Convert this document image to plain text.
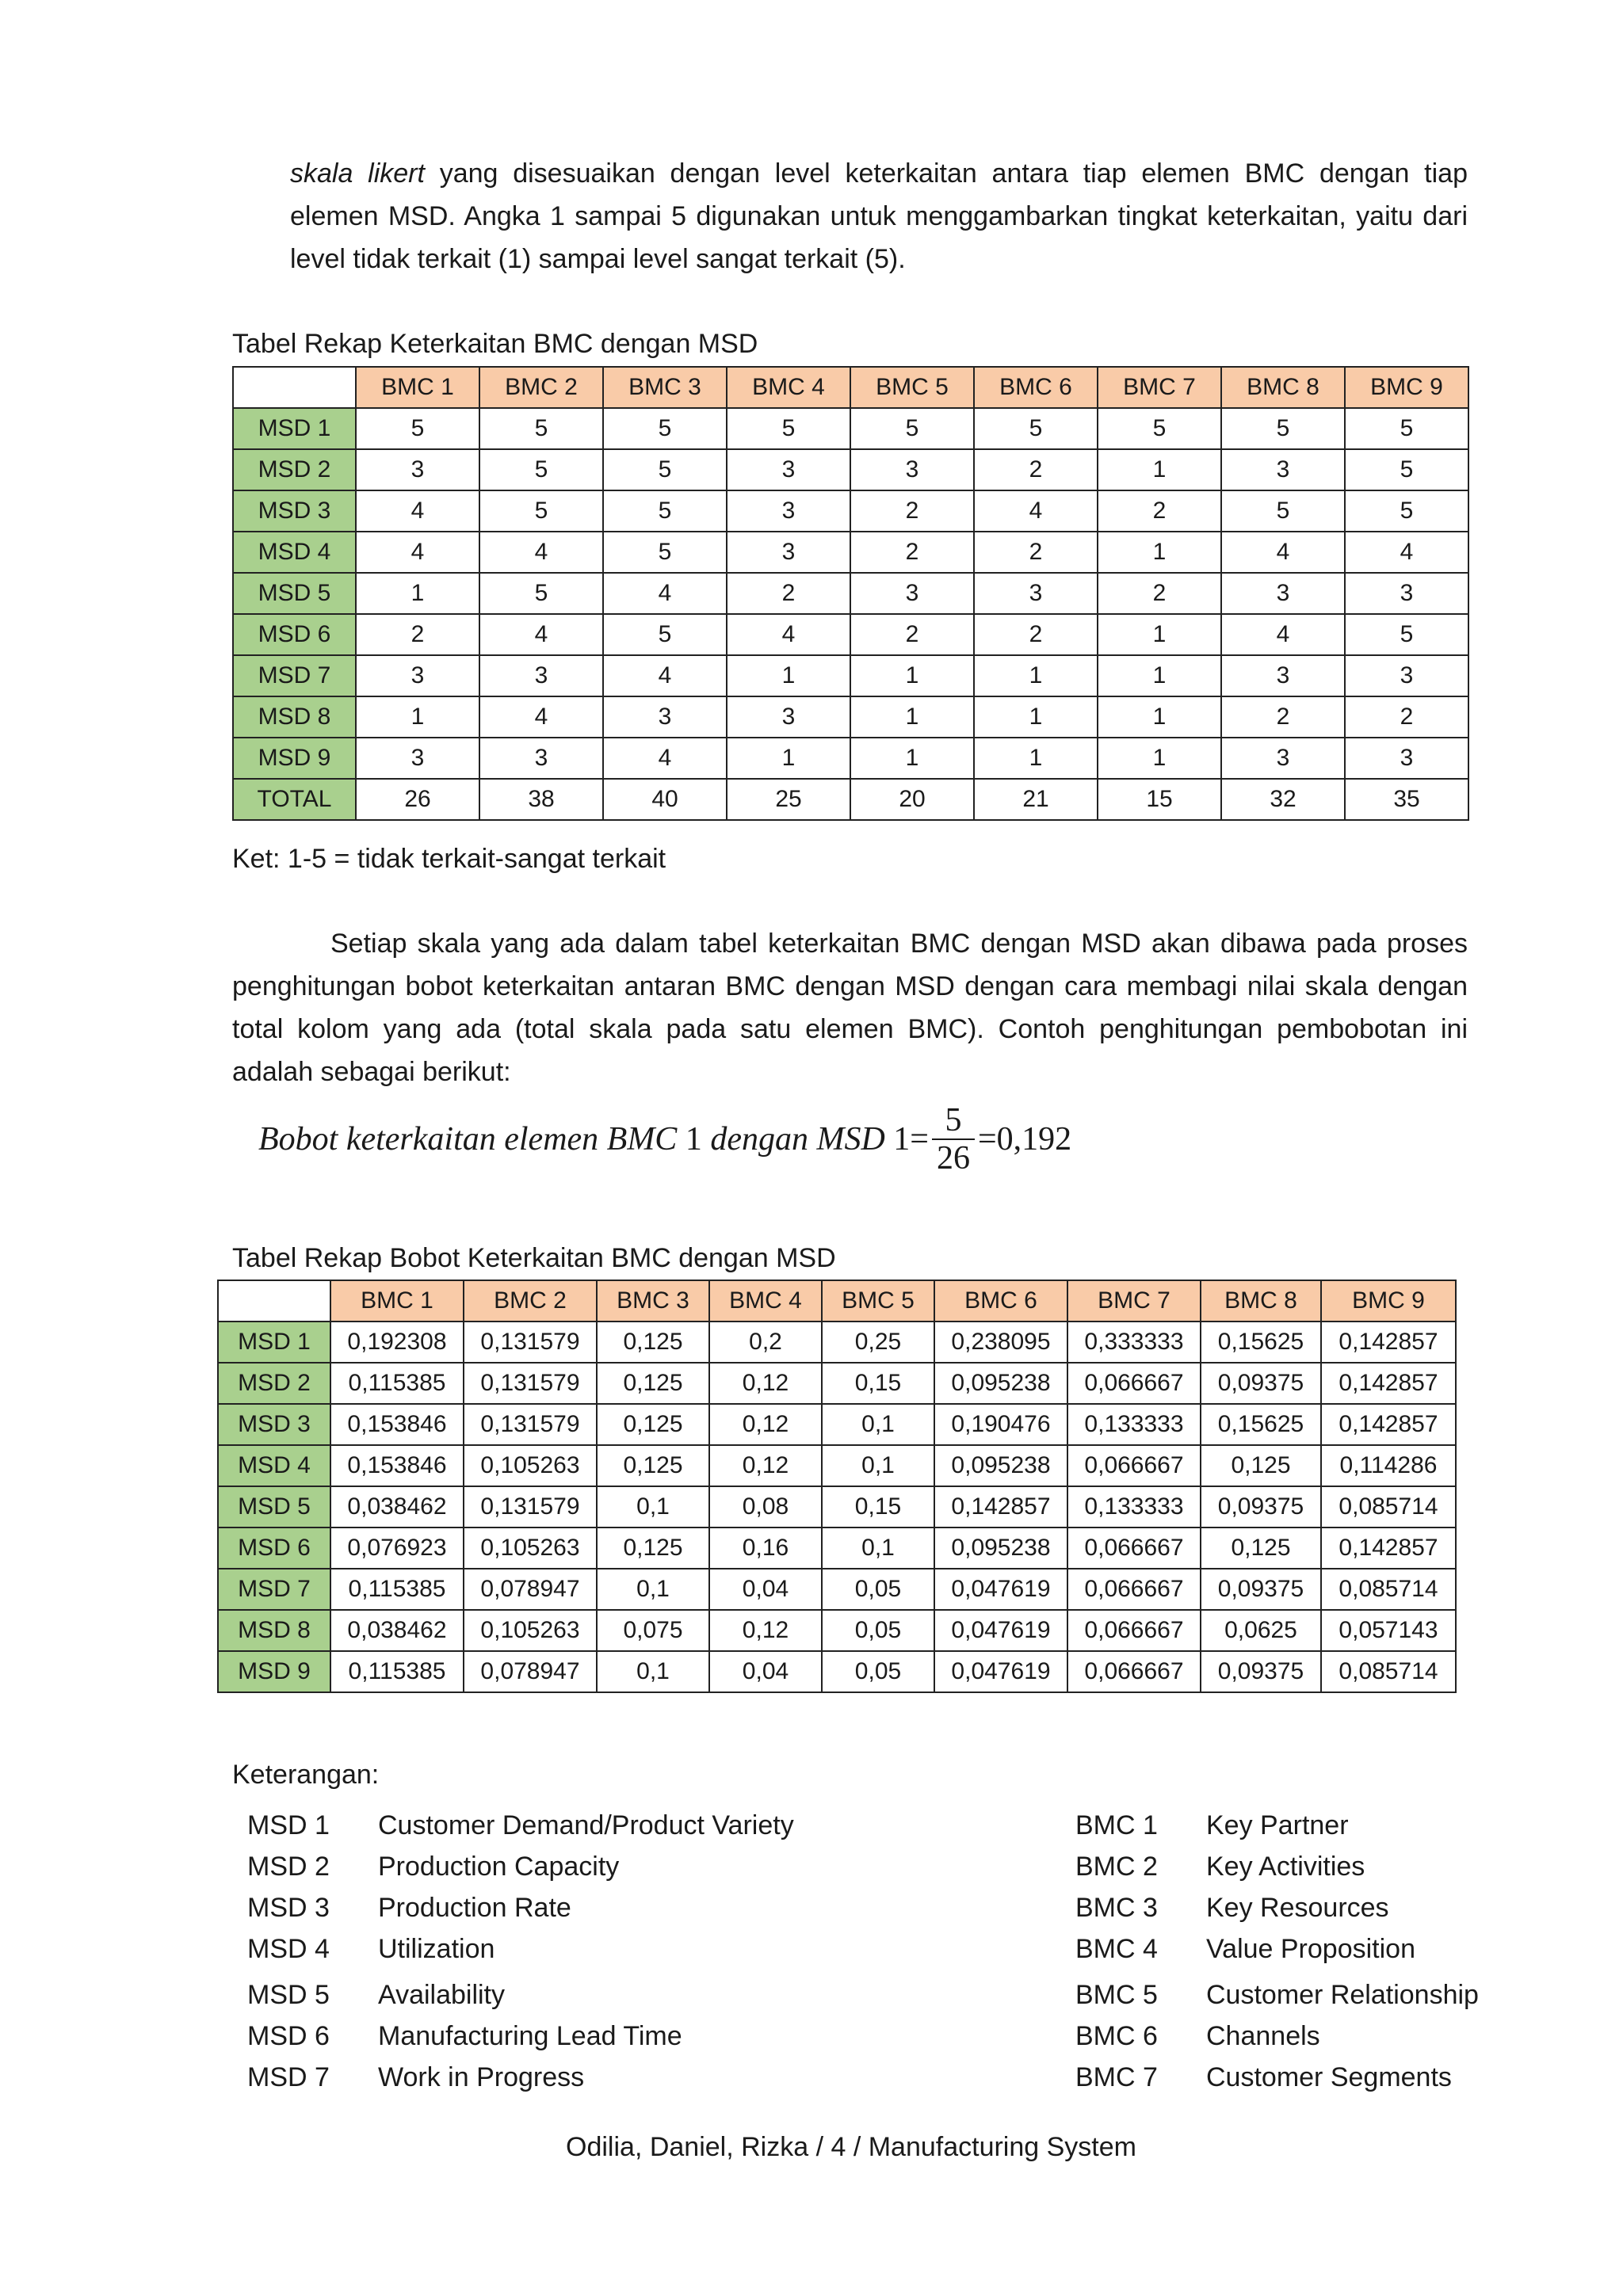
skala likert yang disesuaikan dengan level keterkaitan antara tiap elemen BMC dengan tiap elemen MSD. Angka 1 sampai 5 digunakan untuk menggambarkan tingkat keterkaitan, yaitu dari level tidak terkait (1) sampai level sangat terkait (5).
Tabel Rekap Keterkaitan BMC dengan MSD
	BMC 1	BMC 2	BMC 3	BMC 4	BMC 5	BMC 6	BMC 7	BMC 8	BMC 9
MSD 1	5	5	5	5	5	5	5	5	5
MSD 2	3	5	5	3	3	2	1	3	5
MSD 3	4	5	5	3	2	4	2	5	5
MSD 4	4	4	5	3	2	2	1	4	4
MSD 5	1	5	4	2	3	3	2	3	3
MSD 6	2	4	5	4	2	2	1	4	5
MSD 7	3	3	4	1	1	1	1	3	3
MSD 8	1	4	3	3	1	1	1	2	2
MSD 9	3	3	4	1	1	1	1	3	3
TOTAL	26	38	40	25	20	21	15	32	35
Ket: 1-5 = tidak terkait-sangat terkait
Setiap skala yang ada dalam tabel keterkaitan BMC dengan MSD akan dibawa pada proses penghitungan bobot keterkaitan antaran BMC dengan MSD dengan cara membagi nilai skala dengan total kolom yang ada (total skala pada satu elemen BMC). Contoh penghitungan pembobotan ini adalah sebagai berikut:
Bobot keterkaitan elemen BMC 1 dengan MSD $1 = \frac{5}{26} = 0,192$
Tabel Rekap Bobot Keterkaitan BMC dengan MSD
	BMC 1	BMC 2	BMC 3	BMC 4	BMC 5	BMC 6	BMC 7	BMC 8	BMC 9
MSD 1	0,192308	0,131579	0,125	0,2	0,25	0,238095	0,333333	0,15625	0,142857
MSD 2	0,115385	0,131579	0,125	0,12	0,15	0,095238	0,066667	0,09375	0,142857
MSD 3	0,153846	0,131579	0,125	0,12	0,1	0,190476	0,133333	0,15625	0,142857
MSD 4	0,153846	0,105263	0,125	0,12	0,1	0,095238	0,066667	0,125	0,114286
MSD 5	0,038462	0,131579	0,1	0,08	0,15	0,142857	0,133333	0,09375	0,085714
MSD 6	0,076923	0,105263	0,125	0,16	0,1	0,095238	0,066667	0,125	0,142857
MSD 7	0,115385	0,078947	0,1	0,04	0,05	0,047619	0,066667	0,09375	0,085714
MSD 8	0,038462	0,105263	0,075	0,12	0,05	0,047619	0,066667	0,0625	0,057143
MSD 9	0,115385	0,078947	0,1	0,04	0,05	0,047619	0,066667	0,09375	0,085714
Keterangan:
MSD 1 Customer Demand/Product Variety
MSD 2 Production Capacity
MSD 3 Production Rate
MSD 4 Utilization
MSD 5 Availability
MSD 6 Manufacturing Lead Time
MSD 7 Work in Progress
BMC 1 Key Partner
BMC 2 Key Activities
BMC 3 Key Resources
BMC 4 Value Proposition
BMC 5 Customer Relationship
BMC 6 Channels
BMC 7 Customer Segments
Odilia, Daniel, Rizka / 4 / Manufacturing System
